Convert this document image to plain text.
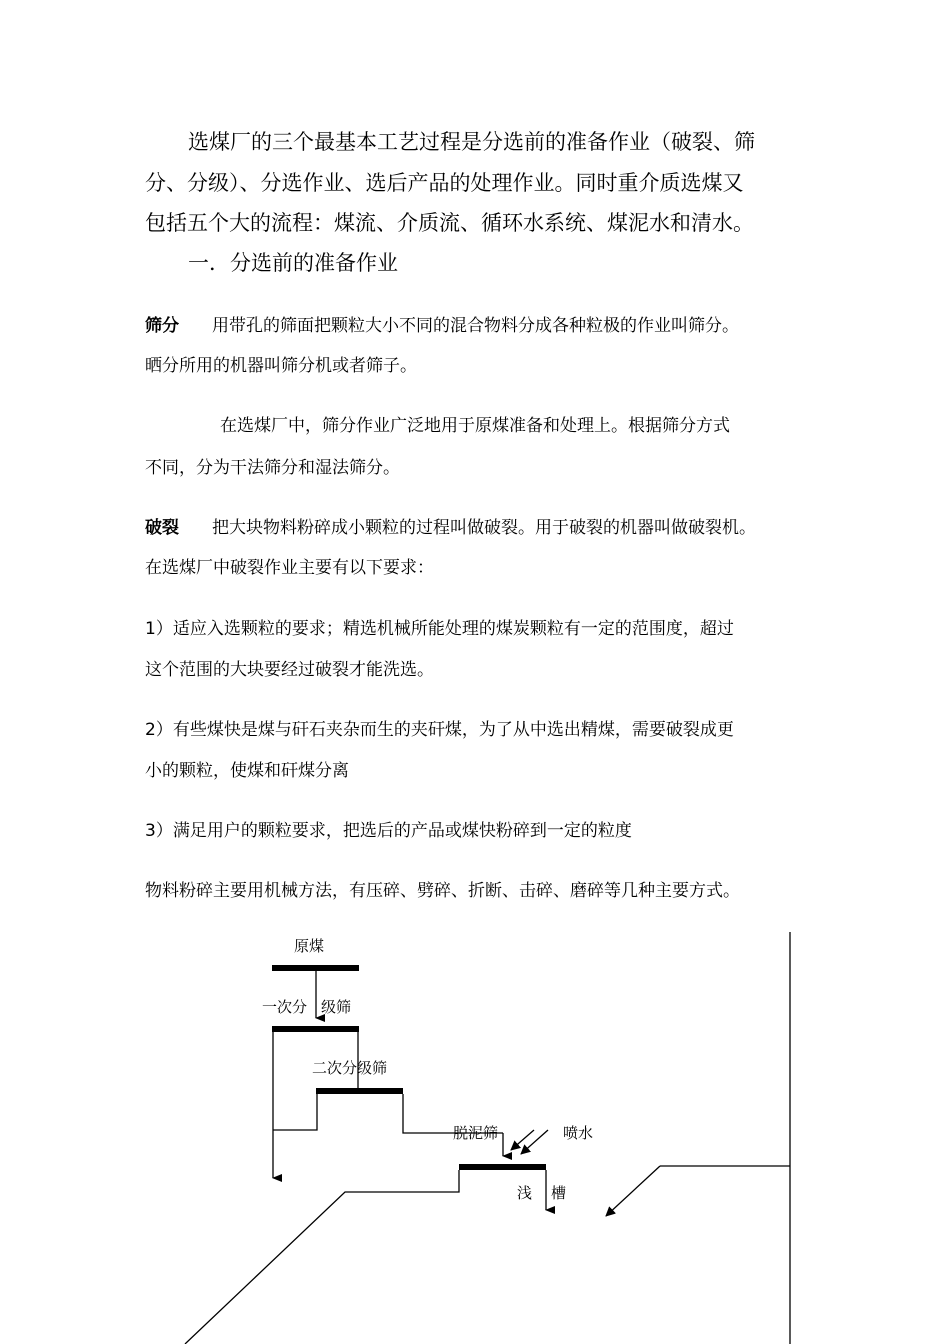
选煤厂的三个最基本工艺过程是分选前的准备作业（破裂、筛
分、分级）、分选作业、选后产品的处理作业。同时重介质选煤又
包括五个大的流程：煤流、介质流、循环水系统、煤泥水和清水。
一．分选前的准备作业
筛分 用带孔的筛面把颗粒大小不同的混合物料分成各种粒极的作业叫筛分。
晒分所用的机器叫筛分机或者筛子。
在选煤厂中，筛分作业广泛地用于原煤准备和处理上。根据筛分方式
不同，分为干法筛分和湿法筛分。
破裂 把大块物料粉碎成小颗粒的过程叫做破裂。用于破裂的机器叫做破裂机。
在选煤厂中破裂作业主要有以下要求：
1）适应入选颗粒的要求；精选机械所能处理的煤炭颗粒有一定的范围度，超过
这个范围的大块要经过破裂才能洗选。
2）有些煤快是煤与矸石夹杂而生的夹矸煤，为了从中选出精煤，需要破裂成更
小的颗粒，使煤和矸煤分离
3）满足用户的颗粒要求，把选后的产品或煤快粉碎到一定的粒度
物料粉碎主要用机械方法，有压碎、劈碎、折断、击碎、磨碎等几种主要方式。
原煤
一次分 级筛
二次分级筛
脱泥筛	喷水
浅 槽
